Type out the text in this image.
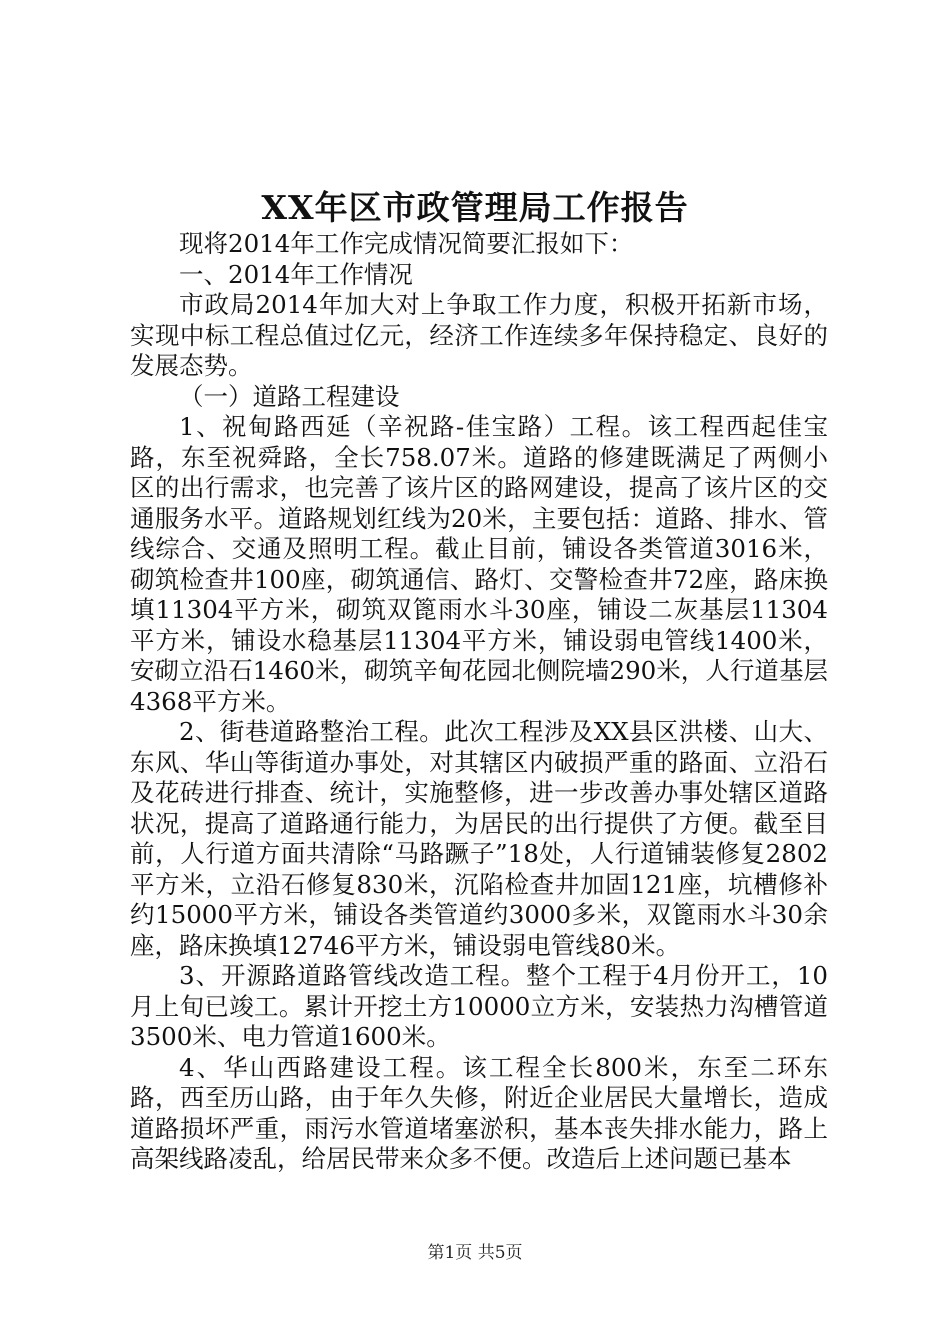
XX年区市政管理局工作报告

现将2014年工作完成情况简要汇报如下：

一、2014年工作情况

市政局2014年加大对上争取工作力度，积极开拓新市场，实现中标工程总值过亿元，经济工作连续多年保持稳定、良好的发展态势。

（一）道路工程建设

1、祝甸路西延（辛祝路-佳宝路）工程。该工程西起佳宝路，东至祝舜路，全长758.07米。道路的修建既满足了两侧小区的出行需求，也完善了该片区的路网建设，提高了该片区的交通服务水平。道路规划红线为20米，主要包括：道路、排水、管线综合、交通及照明工程。截止目前，铺设各类管道3016米，砌筑检查井100座，砌筑通信、路灯、交警检查井72座，路床换填11304平方米，砌筑双篦雨水斗30座，铺设二灰基层11304平方米，铺设水稳基层11304平方米，铺设弱电管线1400米，安砌立沿石1460米，砌筑辛甸花园北侧院墙290米，人行道基层4368平方米。

2、街巷道路整治工程。此次工程涉及XX县区洪楼、山大、东风、华山等街道办事处，对其辖区内破损严重的路面、立沿石及花砖进行排查、统计，实施整修，进一步改善办事处辖区道路状况，提高了道路通行能力，为居民的出行提供了方便。截至目前，人行道方面共清除“马路蹶子”18处，人行道铺装修复2802平方米，立沿石修复830米，沉陷检查井加固121座，坑槽修补约15000平方米，铺设各类管道约3000多米，双篦雨水斗30余座，路床换填12746平方米，铺设弱电管线80米。

3、开源路道路管线改造工程。整个工程于4月份开工，10月上旬已竣工。累计开挖土方10000立方米，安装热力沟槽管道3500米、电力管道1600米。

4、华山西路建设工程。该工程全长800米，东至二环东路，西至历山路，由于年久失修，附近企业居民大量增长，造成道路损坏严重，雨污水管道堵塞淤积，基本丧失排水能力，路上高架线路凌乱，给居民带来众多不便。改造后上述问题已基本

第1页 共5页
